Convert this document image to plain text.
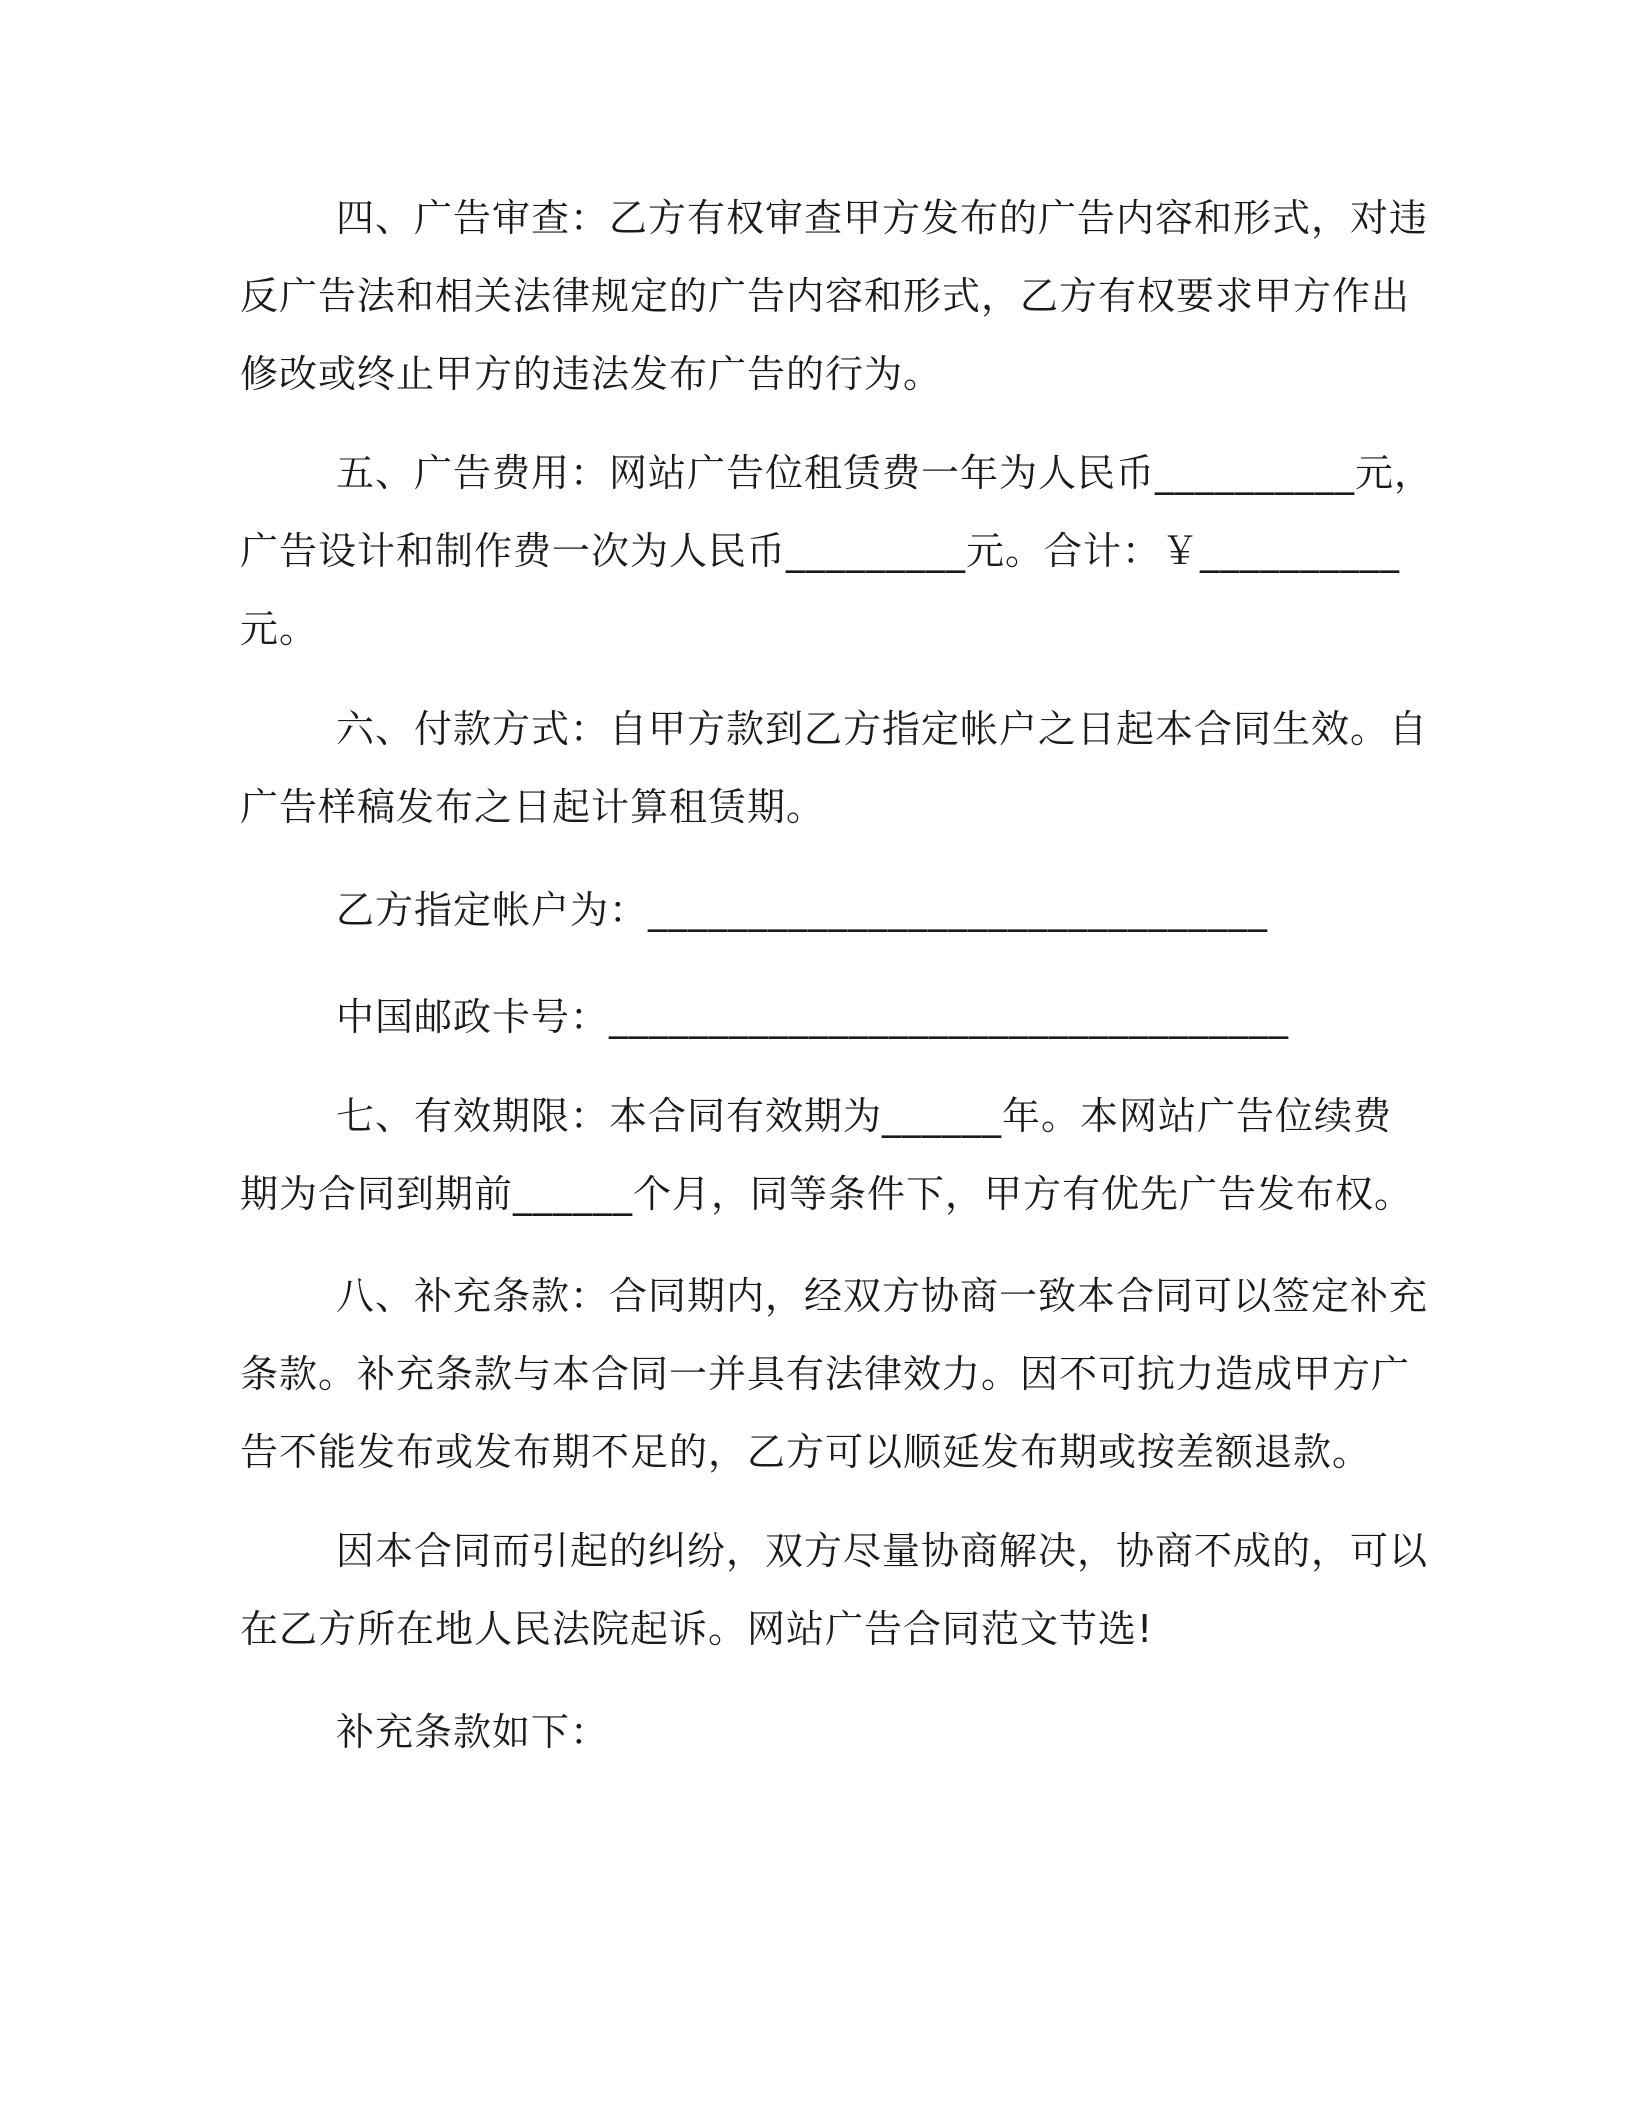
四、广告审查：乙方有权审查甲方发布的广告内容和形式，对违
反广告法和相关法律规定的广告内容和形式，乙方有权要求甲方作出
修改或终止甲方的违法发布广告的行为。
五、广告费用：网站广告位租赁费一年为人民币__________元，
广告设计和制作费一次为人民币_________元。合计：￥__________
元。
六、付款方式：自甲方款到乙方指定帐户之日起本合同生效。自
广告样稿发布之日起计算租赁期。

乙方指定帐户为：_______________________________

中国邮政卡号：__________________________________

七、有效期限：本合同有效期为______年。本网站广告位续费
期为合同到期前______个月，同等条件下，甲方有优先广告发布权。
八、补充条款：合同期内，经双方协商一致本合同可以签定补充
条款。补充条款与本合同一并具有法律效力。因不可抗力造成甲方广
告不能发布或发布期不足的，乙方可以顺延发布期或按差额退款。
因本合同而引起的纠纷，双方尽量协商解决，协商不成的，可以
在乙方所在地人民法院起诉。网站广告合同范文节选!

补充条款如下：
